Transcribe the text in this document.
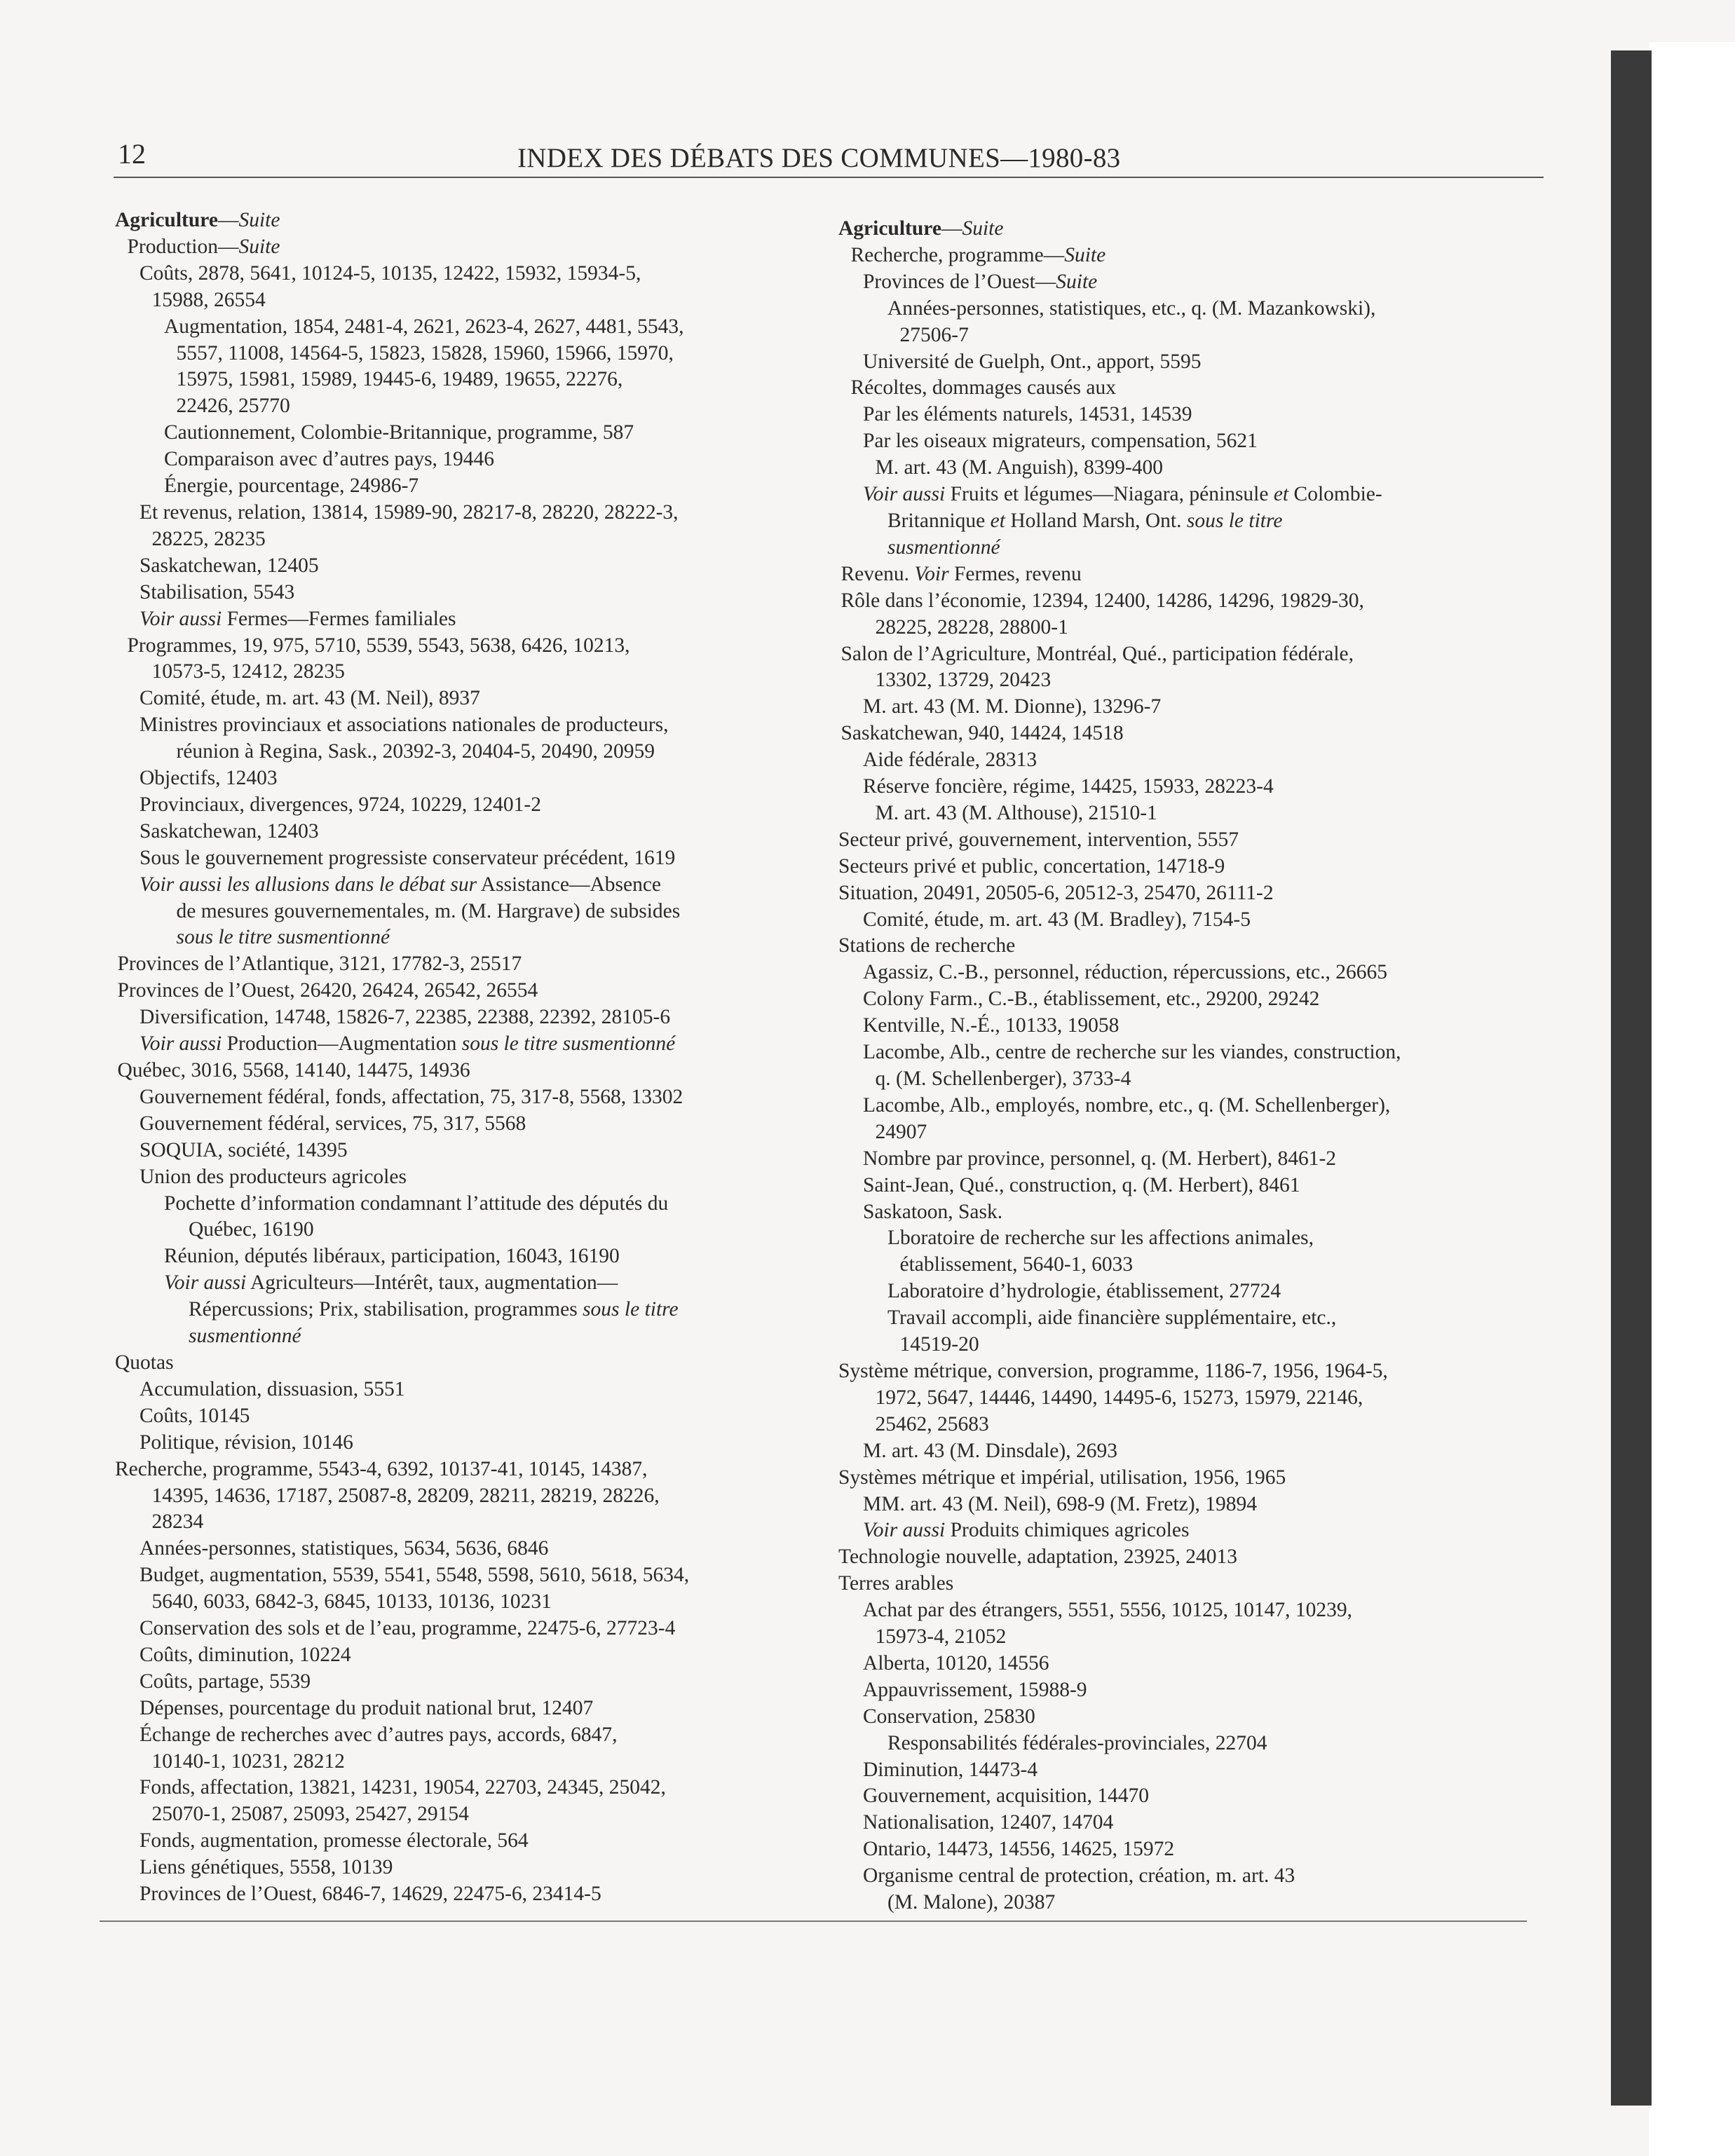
12	INDEX DES DÉBATS DES COMMUNES—1980-83
Agriculture—Suite
Production—Suite
Coûts, 2878, 5641, 10124-5, 10135, 12422, 15932, 15934-5,
15988, 26554
Augmentation, 1854, 2481-4, 2621, 2623-4, 2627, 4481, 5543,
5557, 11008, 14564-5, 15823, 15828, 15960, 15966, 15970,
15975, 15981, 15989, 19445-6, 19489, 19655, 22276,
22426, 25770
Cautionnement, Colombie-Britannique, programme, 587
Comparaison avec d’autres pays, 19446
Énergie, pourcentage, 24986-7
Et revenus, relation, 13814, 15989-90, 28217-8, 28220, 28222-3,
28225, 28235
Saskatchewan, 12405
Stabilisation, 5543
Voir aussi Fermes—Fermes familiales
Programmes, 19, 975, 5710, 5539, 5543, 5638, 6426, 10213,
10573-5, 12412, 28235
Comité, étude, m. art. 43 (M. Neil), 8937
Ministres provinciaux et associations nationales de producteurs,
réunion à Regina, Sask., 20392-3, 20404-5, 20490, 20959
Objectifs, 12403
Provinciaux, divergences, 9724, 10229, 12401-2
Saskatchewan, 12403
Sous le gouvernement progressiste conservateur précédent, 1619
Voir aussi les allusions dans le débat sur Assistance—Absence
de mesures gouvernementales, m. (M. Hargrave) de subsides
sous le titre susmentionné
Provinces de l’Atlantique, 3121, 17782-3, 25517
Provinces de l’Ouest, 26420, 26424, 26542, 26554
Diversification, 14748, 15826-7, 22385, 22388, 22392, 28105-6
Voir aussi Production—Augmentation sous le titre susmentionné
Québec, 3016, 5568, 14140, 14475, 14936
Gouvernement fédéral, fonds, affectation, 75, 317-8, 5568, 13302
Gouvernement fédéral, services, 75, 317, 5568
SOQUIA, société, 14395
Union des producteurs agricoles
Pochette d’information condamnant l’attitude des députés du
Québec, 16190
Réunion, députés libéraux, participation, 16043, 16190
Voir aussi Agriculteurs—Intérêt, taux, augmentation—
Répercussions; Prix, stabilisation, programmes sous le titre
susmentionné
Quotas
Accumulation, dissuasion, 5551
Coûts, 10145
Politique, révision, 10146
Recherche, programme, 5543-4, 6392, 10137-41, 10145, 14387,
14395, 14636, 17187, 25087-8, 28209, 28211, 28219, 28226,
28234
Années-personnes, statistiques, 5634, 5636, 6846
Budget, augmentation, 5539, 5541, 5548, 5598, 5610, 5618, 5634,
5640, 6033, 6842-3, 6845, 10133, 10136, 10231
Conservation des sols et de l’eau, programme, 22475-6, 27723-4
Coûts, diminution, 10224
Coûts, partage, 5539
Dépenses, pourcentage du produit national brut, 12407
Échange de recherches avec d’autres pays, accords, 6847,
10140-1, 10231, 28212
Fonds, affectation, 13821, 14231, 19054, 22703, 24345, 25042,
25070-1, 25087, 25093, 25427, 29154
Fonds, augmentation, promesse électorale, 564
Liens génétiques, 5558, 10139
Provinces de l’Ouest, 6846-7, 14629, 22475-6, 23414-5
Agriculture—Suite
Recherche, programme—Suite
Provinces de l’Ouest—Suite
Années-personnes, statistiques, etc., q. (M. Mazankowski),
27506-7
Université de Guelph, Ont., apport, 5595
Récoltes, dommages causés aux
Par les éléments naturels, 14531, 14539
Par les oiseaux migrateurs, compensation, 5621
M. art. 43 (M. Anguish), 8399-400
Voir aussi Fruits et légumes—Niagara, péninsule et Colombie-
Britannique et Holland Marsh, Ont. sous le titre
susmentionné
Revenu. Voir Fermes, revenu
Rôle dans l’économie, 12394, 12400, 14286, 14296, 19829-30,
28225, 28228, 28800-1
Salon de l’Agriculture, Montréal, Qué., participation fédérale,
13302, 13729, 20423
M. art. 43 (M. M. Dionne), 13296-7
Saskatchewan, 940, 14424, 14518
Aide fédérale, 28313
Réserve foncière, régime, 14425, 15933, 28223-4
M. art. 43 (M. Althouse), 21510-1
Secteur privé, gouvernement, intervention, 5557
Secteurs privé et public, concertation, 14718-9
Situation, 20491, 20505-6, 20512-3, 25470, 26111-2
Comité, étude, m. art. 43 (M. Bradley), 7154-5
Stations de recherche
Agassiz, C.-B., personnel, réduction, répercussions, etc., 26665
Colony Farm., C.-B., établissement, etc., 29200, 29242
Kentville, N.-É., 10133, 19058
Lacombe, Alb., centre de recherche sur les viandes, construction,
q. (M. Schellenberger), 3733-4
Lacombe, Alb., employés, nombre, etc., q. (M. Schellenberger),
24907
Nombre par province, personnel, q. (M. Herbert), 8461-2
Saint-Jean, Qué., construction, q. (M. Herbert), 8461
Saskatoon, Sask.
Lboratoire de recherche sur les affections animales,
établissement, 5640-1, 6033
Laboratoire d’hydrologie, établissement, 27724
Travail accompli, aide financière supplémentaire, etc.,
14519-20
Système métrique, conversion, programme, 1186-7, 1956, 1964-5,
1972, 5647, 14446, 14490, 14495-6, 15273, 15979, 22146,
25462, 25683
M. art. 43 (M. Dinsdale), 2693
Systèmes métrique et impérial, utilisation, 1956, 1965
MM. art. 43 (M. Neil), 698-9 (M. Fretz), 19894
Voir aussi Produits chimiques agricoles
Technologie nouvelle, adaptation, 23925, 24013
Terres arables
Achat par des étrangers, 5551, 5556, 10125, 10147, 10239,
15973-4, 21052
Alberta, 10120, 14556
Appauvrissement, 15988-9
Conservation, 25830
Responsabilités fédérales-provinciales, 22704
Diminution, 14473-4
Gouvernement, acquisition, 14470
Nationalisation, 12407, 14704
Ontario, 14473, 14556, 14625, 15972
Organisme central de protection, création, m. art. 43
(M. Malone), 20387
